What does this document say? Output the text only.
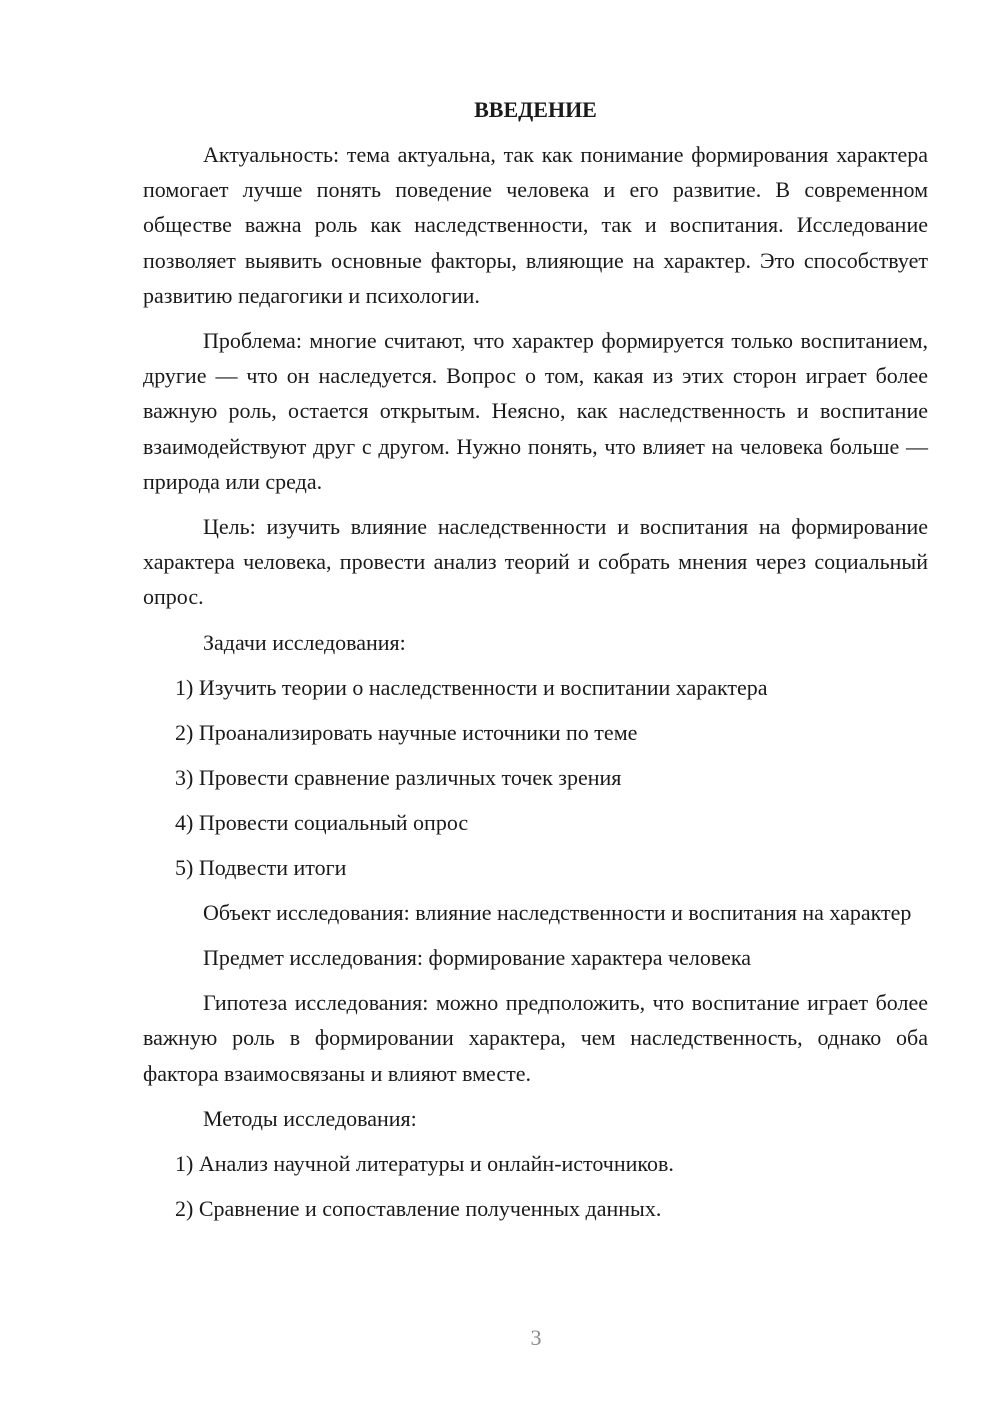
ВВЕДЕНИЕ

Актуальность: тема актуальна, так как понимание формирования характера помогает лучше понять поведение человека и его развитие. В современном обществе важна роль как наследственности, так и воспитания. Исследование позволяет выявить основные факторы, влияющие на характер. Это способствует развитию педагогики и психологии.

Проблема: многие считают, что характер формируется только воспитанием, другие — что он наследуется. Вопрос о том, какая из этих сторон играет более важную роль, остается открытым. Неясно, как наследственность и воспитание взаимодействуют друг с другом. Нужно понять, что влияет на человека больше — природа или среда.

Цель: изучить влияние наследственности и воспитания на формирование характера человека, провести анализ теорий и собрать мнения через социальный опрос.

Задачи исследования:

1) Изучить теории о наследственности и воспитании характера
2) Проанализировать научные источники по теме
3) Провести сравнение различных точек зрения
4) Провести социальный опрос
5) Подвести итоги

Объект исследования: влияние наследственности и воспитания на характер

Предмет исследования: формирование характера человека

Гипотеза исследования: можно предположить, что воспитание играет более важную роль в формировании характера, чем наследственность, однако оба фактора взаимосвязаны и влияют вместе.

Методы исследования:

1) Анализ научной литературы и онлайн-источников.
2) Сравнение и сопоставление полученных данных.
3
